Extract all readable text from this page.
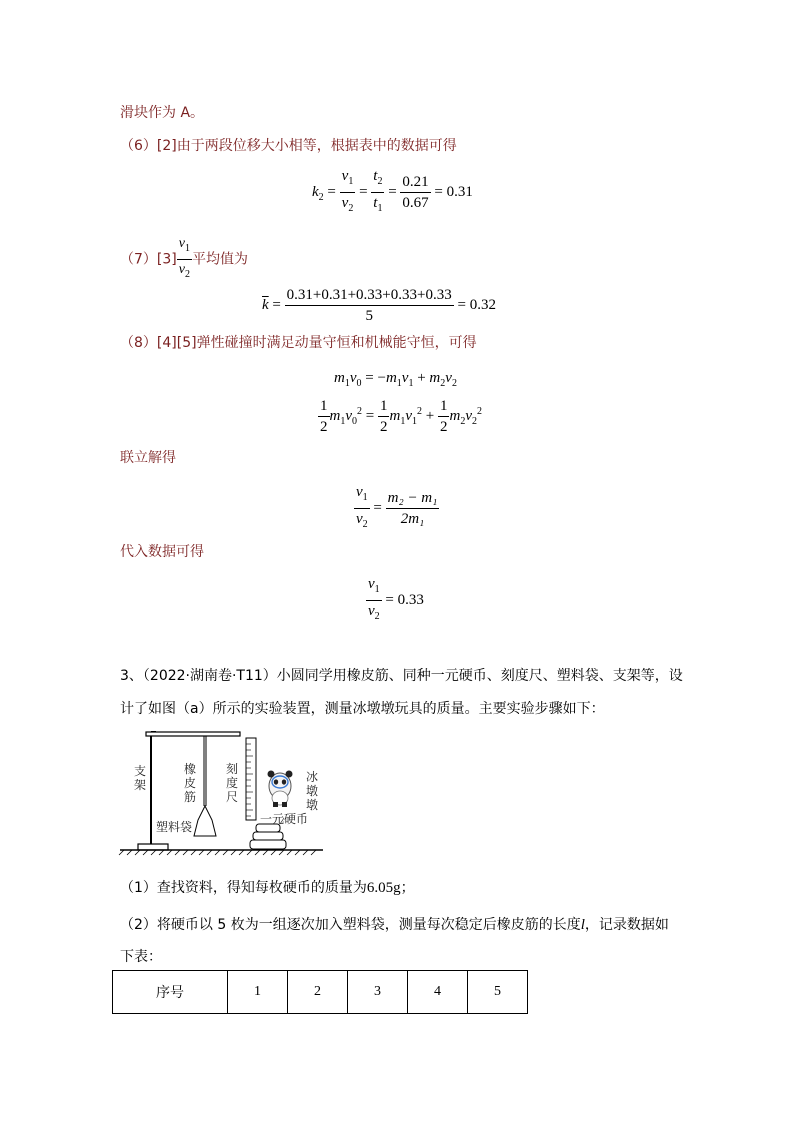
滑块作为 A。
（6）[2]由于两段位移大小相等，根据表中的数据可得
$k_2 = \frac{v_1}{v_2} = \frac{t_2}{t_1} = \frac{0.21}{0.67} = 0.31$
$(7)[3] \frac{v_1}{v_2}$ 平均值为
$\overline{k} = \frac{0.31+0.31+0.33+0.33+0.33}{5} = 0.32$
（8）[4][5]弹性碰撞时满足动量守恒和机械能守恒，可得
$m_1v_0 = -m_1v_1 + m_2v_2$
$\frac{1}{2} m_1v_0^2 = \frac{1}{2} m_1v_1^2 + \frac{1}{2} m_2v_2^2$
联立解得
$\frac{v_1}{v_2} = \frac{\text{m₂ − m₁}}{\text{2m₁}}$
代入数据可得
$\frac{v_1}{v_2} = 0.33$
3、（2022·湖南卷·T11）小圆同学用橡皮筋、同种一元硬币、刻度尺、塑料袋、支架等，设
计了如图（a）所示的实验装置，测量冰墩墩玩具的质量。主要实验步骤如下：
支架
橡皮筋
刻度尺
塑料袋
冰墩墩
一元硬币
（1）查找资料，得知每枚硬币的质量为6.05g；
（2）将硬币以 5 枚为一组逐次加入塑料袋，测量每次稳定后橡皮筋的长度l，记录数据如
下表：
序号	1	2	3	4	5
